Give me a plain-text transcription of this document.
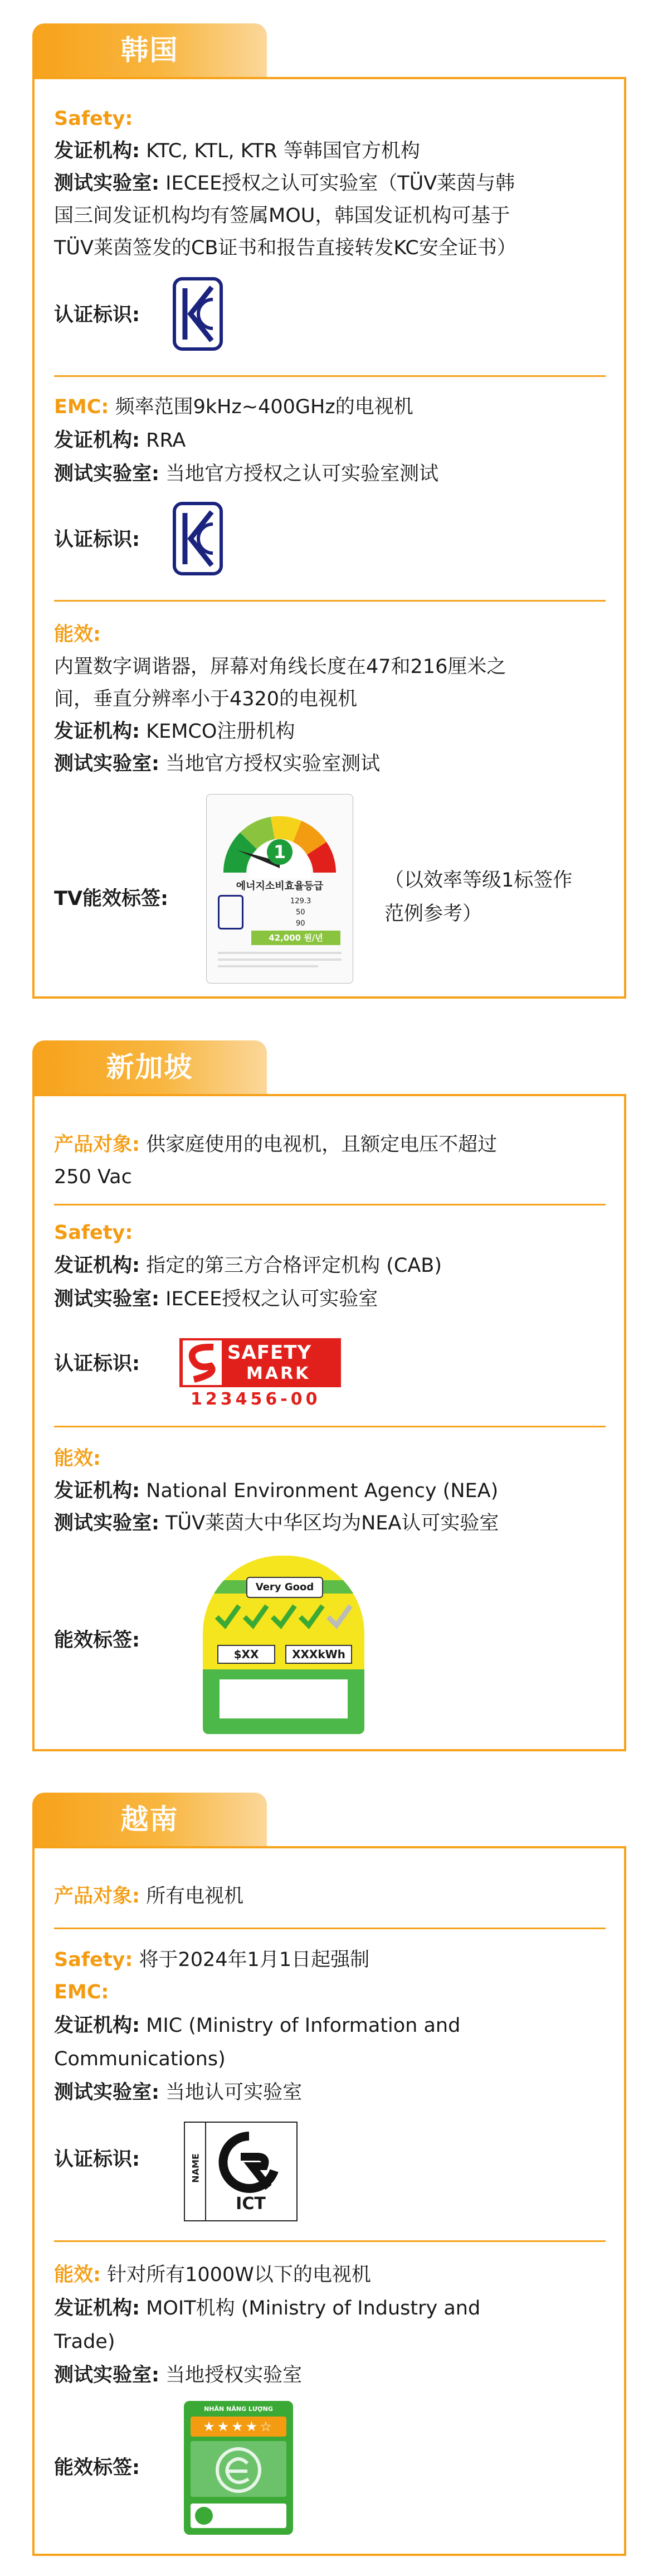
韩国
Safety:
发证机构: KTC, KTL, KTR 等韩国官方机构
测试实验室: IECEE授权之认可实验室（TÜV莱茵与韩
国三间发证机构均有签属MOU，韩国发证机构可基于
TÜV莱茵签发的CB证书和报告直接转发KC安全证书）
认证标识:
EMC: 频率范围9kHz~400GHz的电视机
发证机构: RRA
测试实验室: 当地官方授权之认可实验室测试
认证标识:
能效:
内置数字调谐器，屏幕对角线长度在47和216厘米之
间，垂直分辨率小于4320的电视机
发证机构: KEMCO注册机构
测试实验室: 当地官方授权实验室测试
TV能效标签:
1
에너지소비효율등급
129.3
50
90
42,000 원/년
（以效率等级1标签作
范例参考）
新加坡
产品对象: 供家庭使用的电视机，且额定电压不超过
250 Vac
Safety:
发证机构: 指定的第三方合格评定机构 (CAB)
测试实验室: IECEE授权之认可实验室
认证标识:	SAFETY
MARK
123456-00
能效:
发证机构: National Environment Agency (NEA)
测试实验室: TÜV莱茵大中华区均为NEA认可实验室
能效标签:
Very Good
$XX	XXXkWh
越南
产品对象: 所有电视机
Safety: 将于2024年1月1日起强制
EMC:
发证机构: MIC (Ministry of Information and
Communications)
测试实验室: 当地认可实验室
认证标识:	NAME
ICT
能效: 针对所有1000W以下的电视机
发证机构: MOIT机构 (Ministry of Industry and
Trade)
测试实验室: 当地授权实验室
能效标签:
NHÃN NĂNG LƯỢNG
★★★★☆
